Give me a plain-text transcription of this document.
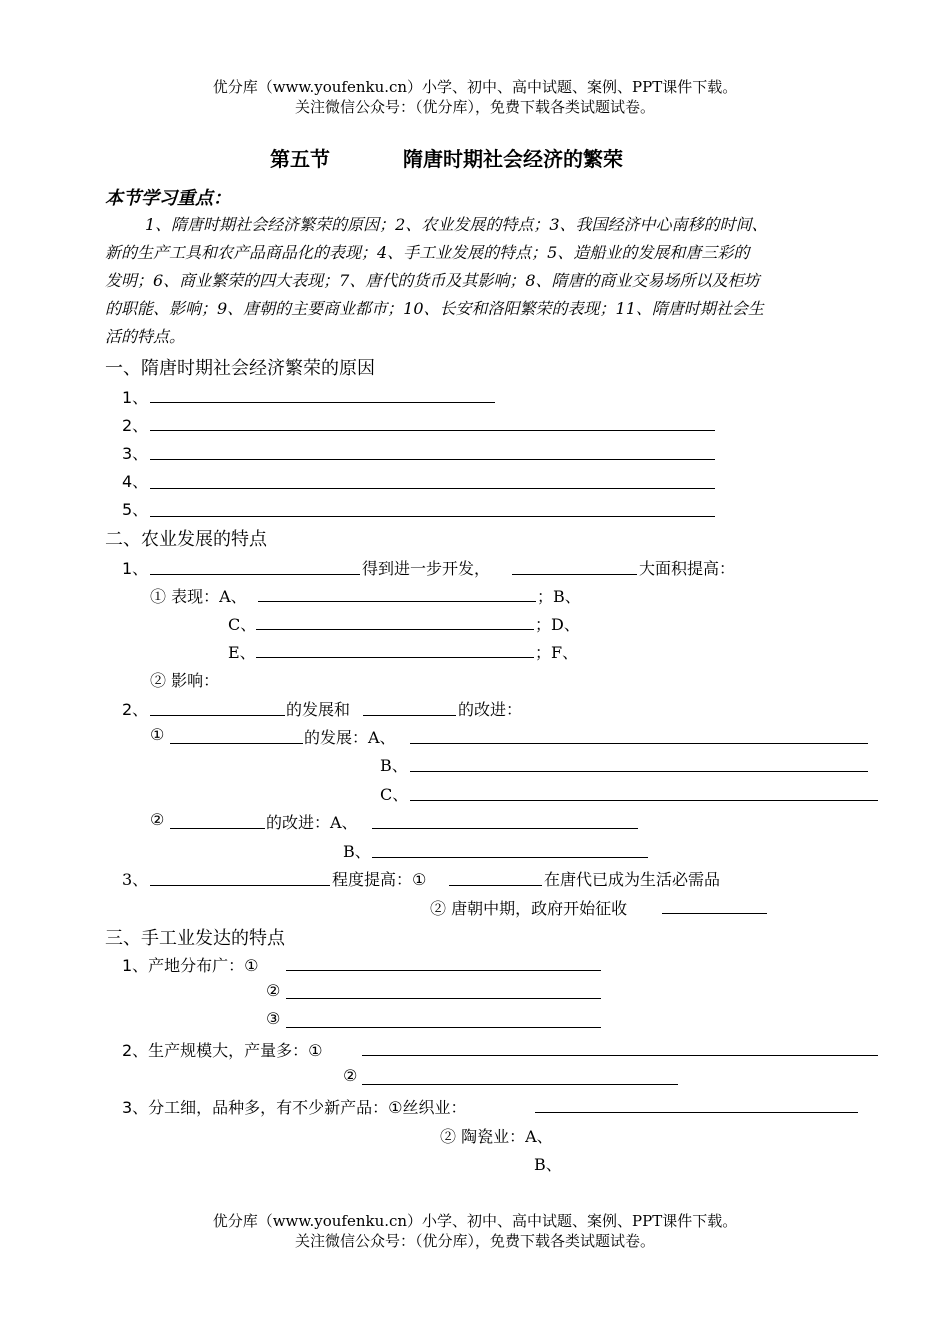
优分库（www.youfenku.cn）小学、初中、高中试题、案例、PPT课件下载。
关注微信公众号：（优分库），免费下载各类试题试卷。
第五节	隋唐时期社会经济的繁荣
本节学习重点：
1、隋唐时期社会经济繁荣的原因；2、农业发展的特点；3、我国经济中心南移的时间、
新的生产工具和农产品商品化的表现；4、手工业发展的特点；5、造船业的发展和唐三彩的
发明；6、商业繁荣的四大表现；7、唐代的货币及其影响；8、隋唐的商业交易场所以及柜坊
的职能、影响；9、唐朝的主要商业都市；10、长安和洛阳繁荣的表现；11、隋唐时期社会生
活的特点。
一、隋唐时期社会经济繁荣的原因
1、
2、
3、
4、
5、
二、农业发展的特点
1、	得到进一步开发，	大面积提高：
① 表现：A、	；B、
C、	；D、
E、	；F、
② 影响：
2、	的发展和	的改进：
①	的发展：A、
B、
C、
②	的改进：A、
B、
3、	程度提高：①	在唐代已成为生活必需品
② 唐朝中期，政府开始征收
三、手工业发达的特点
1、产地分布广：①
②
③
2、生产规模大，产量多：①
②
3、分工细，品种多，有不少新产品：①丝织业：
② 陶瓷业：A、
B、
优分库（www.youfenku.cn）小学、初中、高中试题、案例、PPT课件下载。
关注微信公众号：（优分库），免费下载各类试题试卷。
